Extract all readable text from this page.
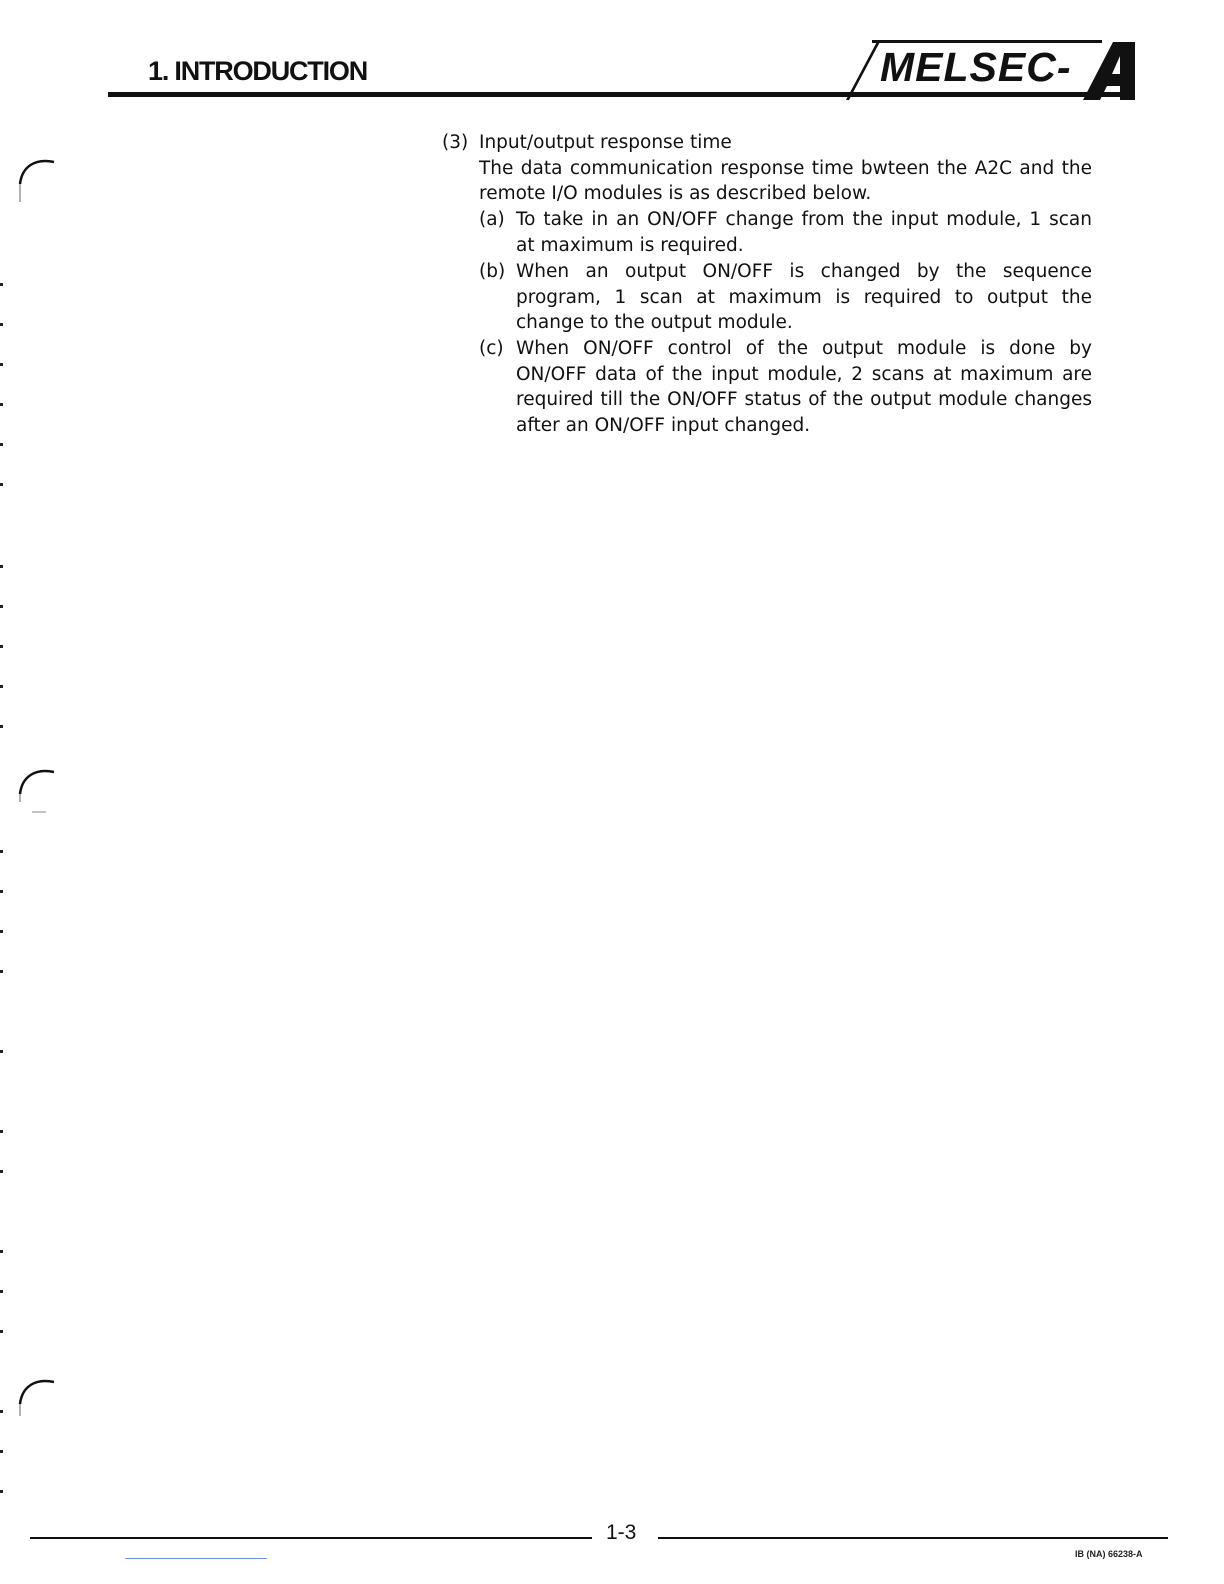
1. INTRODUCTION	MELSEC-	A
(3) Input/output response time
The data communication response time bwteen the A2C and the remote I/O modules is as described below.
(a) To take in an ON/OFF change from the input module, 1 scan at maximum is required.
(b) When an output ON/OFF is changed by the sequence program, 1 scan at maximum is required to output the change to the output module.
(c) When ON/OFF control of the output module is done by ON/OFF data of the input module, 2 scans at maximum are required till the ON/OFF status of the output module changes after an ON/OFF input changed.
1-3
IB (NA) 66238-A
